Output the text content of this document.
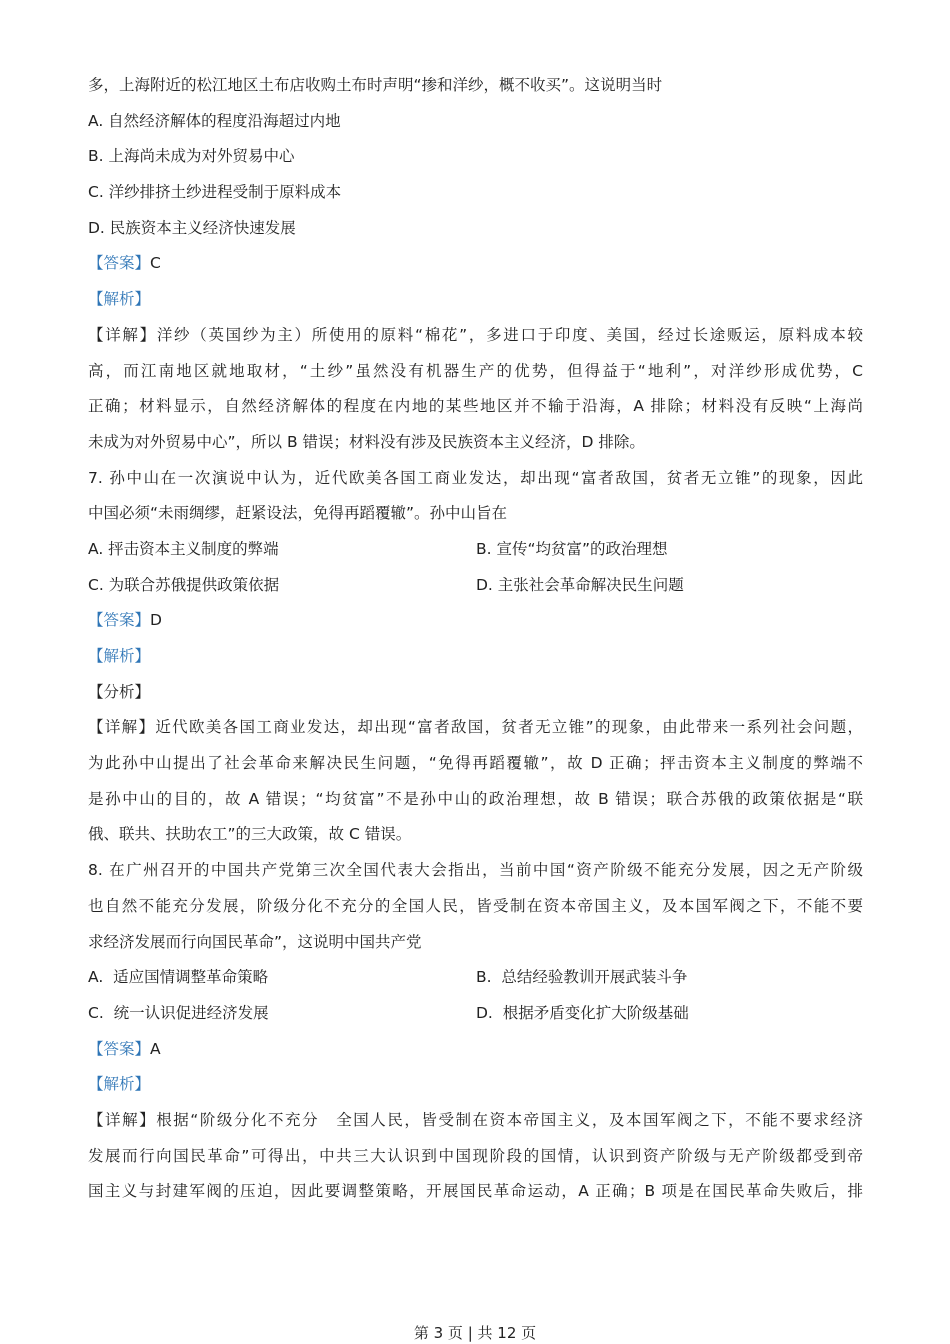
多，上海附近的松江地区土布店收购土布时声明“掺和洋纱，概不收买”。这说明当时
A. 自然经济解体的程度沿海超过内地
B. 上海尚未成为对外贸易中心
C. 洋纱排挤土纱进程受制于原料成本
D. 民族资本主义经济快速发展
【答案】C
【解析】
【详解】洋纱（英国纱为主）所使用的原料“棉花”，多进口于印度、美国，经过长途贩运，原料成本较
高，而江南地区就地取材，“土纱”虽然没有机器生产的优势，但得益于“地利”，对洋纱形成优势，C
正确；材料显示，自然经济解体的程度在内地的某些地区并不输于沿海，A 排除；材料没有反映“上海尚
未成为对外贸易中心”，所以 B 错误；材料没有涉及民族资本主义经济，D 排除。
7. 孙中山在一次演说中认为，近代欧美各国工商业发达，却出现“富者敌国，贫者无立锥”的现象，因此
中国必须“未雨绸缪，赶紧设法，免得再蹈覆辙”。孙中山旨在
A. 抨击资本主义制度的弊端	B. 宣传“均贫富”的政治理想
C. 为联合苏俄提供政策依据	D. 主张社会革命解决民生问题
【答案】D
【解析】
【分析】
【详解】近代欧美各国工商业发达，却出现“富者敌国，贫者无立锥”的现象，由此带来一系列社会问题，
为此孙中山提出了社会革命来解决民生问题，“免得再蹈覆辙”，故 D 正确；抨击资本主义制度的弊端不
是孙中山的目的，故 A 错误；“均贫富”不是孙中山的政治理想，故 B 错误；联合苏俄的政策依据是“联
俄、联共、扶助农工”的三大政策，故 C 错误。
8. 在广州召开的中国共产党第三次全国代表大会指出，当前中国“资产阶级不能充分发展，因之无产阶级
也自然不能充分发展，阶级分化不充分的全国人民，皆受制在资本帝国主义，及本国军阀之下，不能不要
求经济发展而行向国民革命”，这说明中国共产党
A.  适应国情调整革命策略	B.  总结经验教训开展武装斗争
C.  统一认识促进经济发展	D.  根据矛盾变化扩大阶级基础
【答案】A
【解析】
【详解】根据“阶级分化不充分　全国人民，皆受制在资本帝国主义，及本国军阀之下，不能不要求经济
发展而行向国民革命”可得出，中共三大认识到中国现阶段的国情，认识到资产阶级与无产阶级都受到帝
国主义与封建军阀的压迫，因此要调整策略，开展国民革命运动，A 正确；B 项是在国民革命失败后，排
第 3 页 | 共 12 页
